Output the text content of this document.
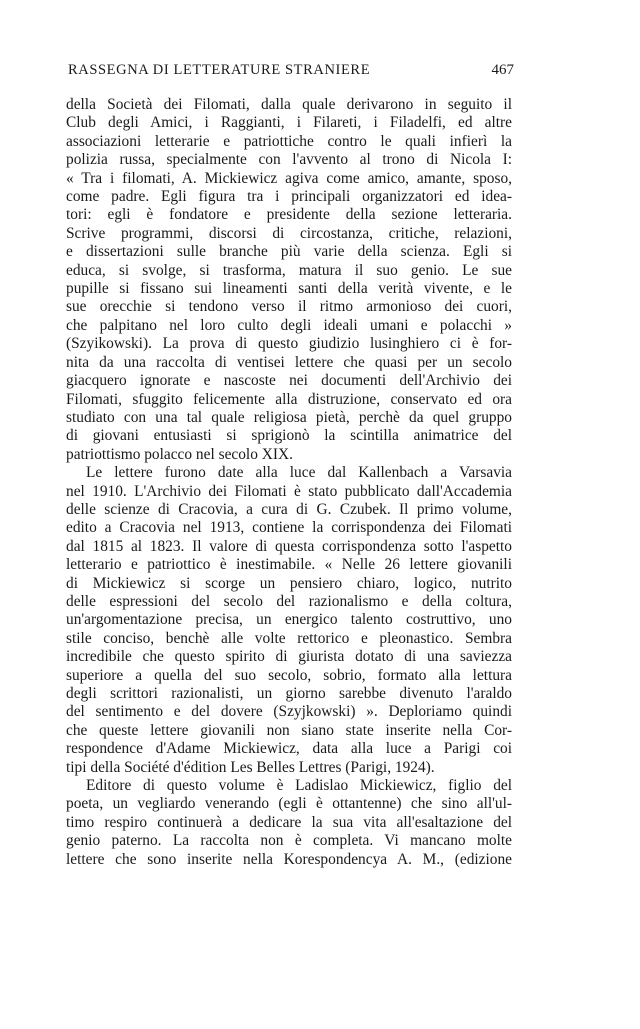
RASSEGNA DI LETTERATURE STRANIERE	467
della Società dei Filomati, dalla quale derivarono in seguito il
Club degli Amici, i Raggianti, i Filareti, i Filadelfi, ed altre
associazioni letterarie e patriottiche contro le quali infierì la
polizia russa, specialmente con l'avvento al trono di Nicola I:
« Tra i filomati, A. Mickiewicz agiva come amico, amante, sposo,
come padre. Egli figura tra i principali organizzatori ed idea-
tori: egli è fondatore e presidente della sezione letteraria.
Scrive programmi, discorsi di circostanza, critiche, relazioni,
e dissertazioni sulle branche più varie della scienza. Egli si
educa, si svolge, si trasforma, matura il suo genio. Le sue
pupille si fissano sui lineamenti santi della verità vivente, e le
sue orecchie si tendono verso il ritmo armonioso dei cuori,
che palpitano nel loro culto degli ideali umani e polacchi »
(Szyikowski). La prova di questo giudizio lusinghiero ci è for-
nita da una raccolta di ventisei lettere che quasi per un secolo
giacquero ignorate e nascoste nei documenti dell'Archivio dei
Filomati, sfuggito felicemente alla distruzione, conservato ed ora
studiato con una tal quale religiosa pietà, perchè da quel gruppo
di giovani entusiasti si sprigionò la scintilla animatrice del
patriottismo polacco nel secolo XIX.
Le lettere furono date alla luce dal Kallenbach a Varsavia
nel 1910. L'Archivio dei Filomati è stato pubblicato dall'Accademia
delle scienze di Cracovia, a cura di G. Czubek. Il primo volume,
edito a Cracovia nel 1913, contiene la corrispondenza dei Filomati
dal 1815 al 1823. Il valore di questa corrispondenza sotto l'aspetto
letterario e patriottico è inestimabile. « Nelle 26 lettere giovanili
di Mickiewicz si scorge un pensiero chiaro, logico, nutrito
delle espressioni del secolo del razionalismo e della coltura,
un'argomentazione precisa, un energico talento costruttivo, uno
stile conciso, benchè alle volte rettorico e pleonastico. Sembra
incredibile che questo spirito di giurista dotato di una saviezza
superiore a quella del suo secolo, sobrio, formato alla lettura
degli scrittori razionalisti, un giorno sarebbe divenuto l'araldo
del sentimento e del dovere (Szyjkowski) ». Deploriamo quindi
che queste lettere giovanili non siano state inserite nella Cor-
respondence d'Adame Mickiewicz, data alla luce a Parigi coi
tipi della Société d'édition Les Belles Lettres (Parigi, 1924).
Editore di questo volume è Ladislao Mickiewicz, figlio del
poeta, un vegliardo venerando (egli è ottantenne) che sino all'ul-
timo respiro continuerà a dedicare la sua vita all'esaltazione del
genio paterno. La raccolta non è completa. Vi mancano molte
lettere che sono inserite nella Korespondencya A. M., (edizione
